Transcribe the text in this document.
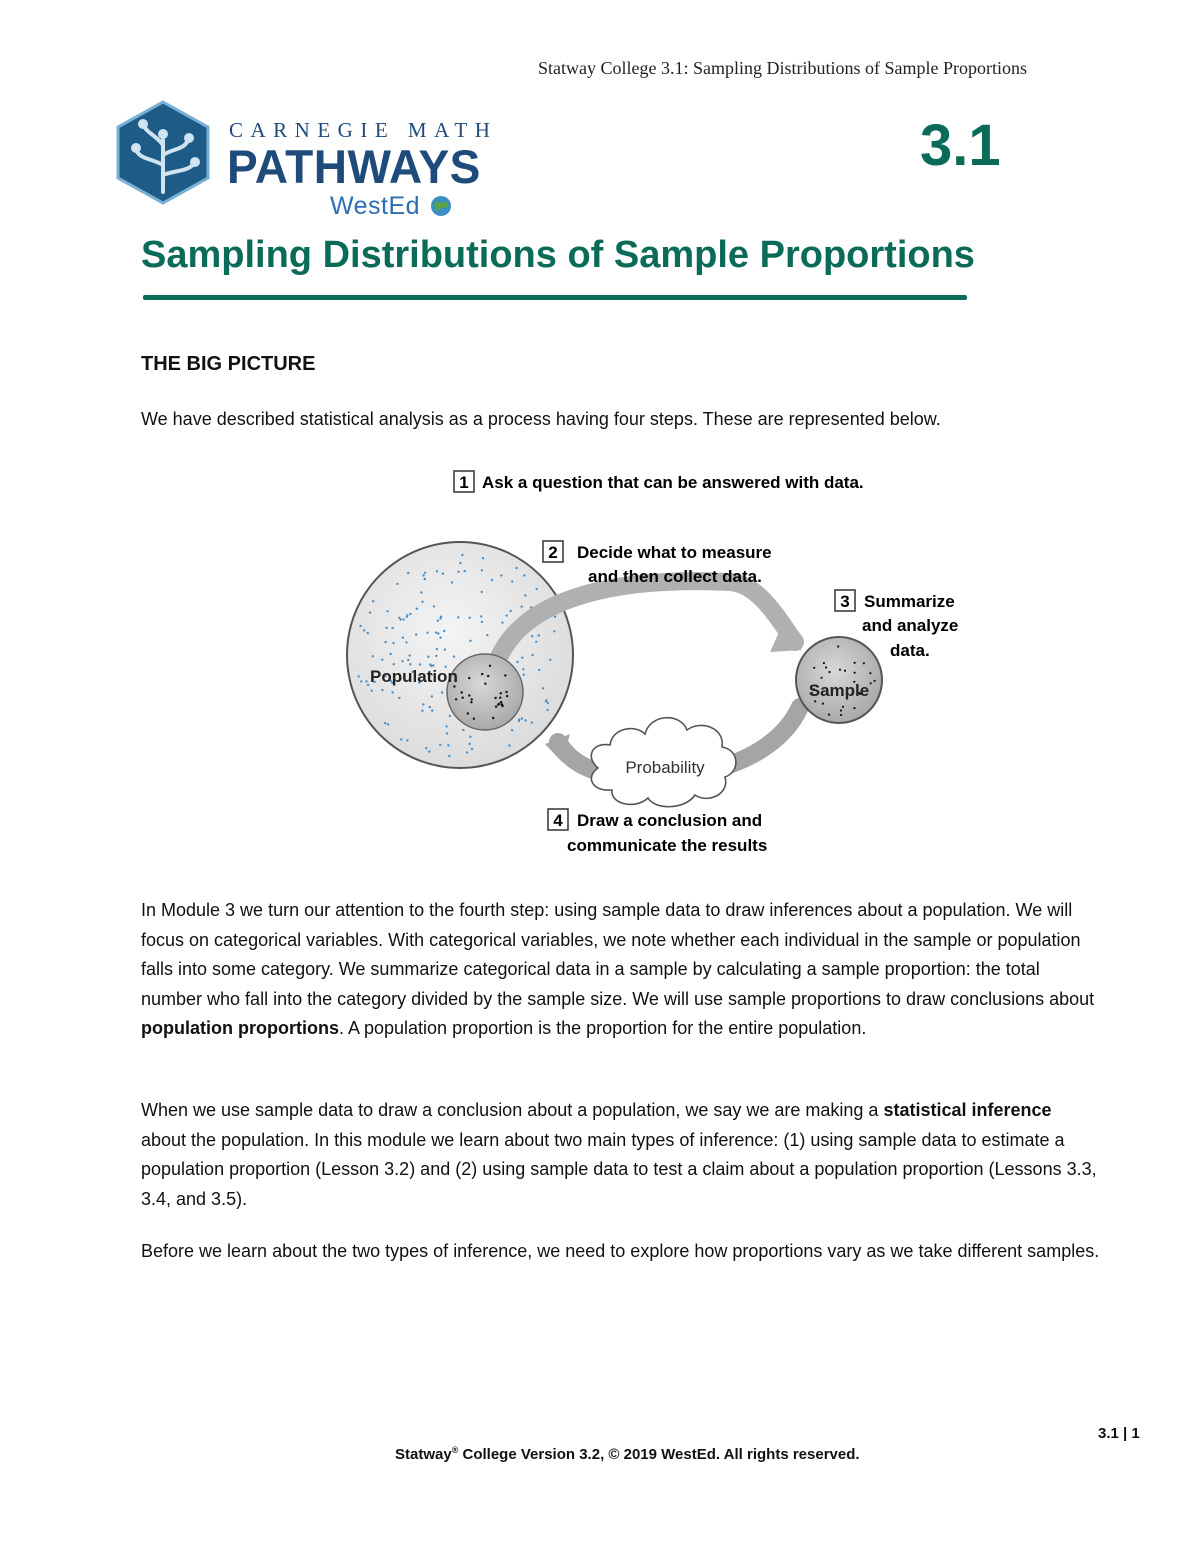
Statway College 3.1: Sampling Distributions of Sample Proportions
CARNEGIE MATH
PATHWAYS
WestEd
3.1
Sampling Distributions of Sample Proportions
THE BIG PICTURE
We have described statistical analysis as a process having four steps. These are represented below.
1 Ask a question that can be answered with data.
Population
Sample
Probability
2 Decide what to measure
and then collect data.
3 Summarize
and analyze
data.
4 Draw a conclusion and
communicate the results

In Module 3 we turn our attention to the fourth step: using sample data to draw inferences about a population. We will focus on categorical variables. With categorical variables, we note whether each individual in the sample or population falls into some category. We summarize categorical data in a sample by calculating a sample proportion: the total number who fall into the category divided by the sample size. We will use sample proportions to draw conclusions about population proportions. A population proportion is the proportion for the entire population.

When we use sample data to draw a conclusion about a population, we say we are making a statistical inference about the population. In this module we learn about two main types of inference: (1) using sample data to estimate a population proportion (Lesson 3.2) and (2) using sample data to test a claim about a population proportion (Lessons 3.3, 3.4, and 3.5).

Before we learn about the two types of inference, we need to explore how proportions vary as we take different samples.

3.1 | 1
Statway® College Version 3.2, © 2019 WestEd. All rights reserved.
